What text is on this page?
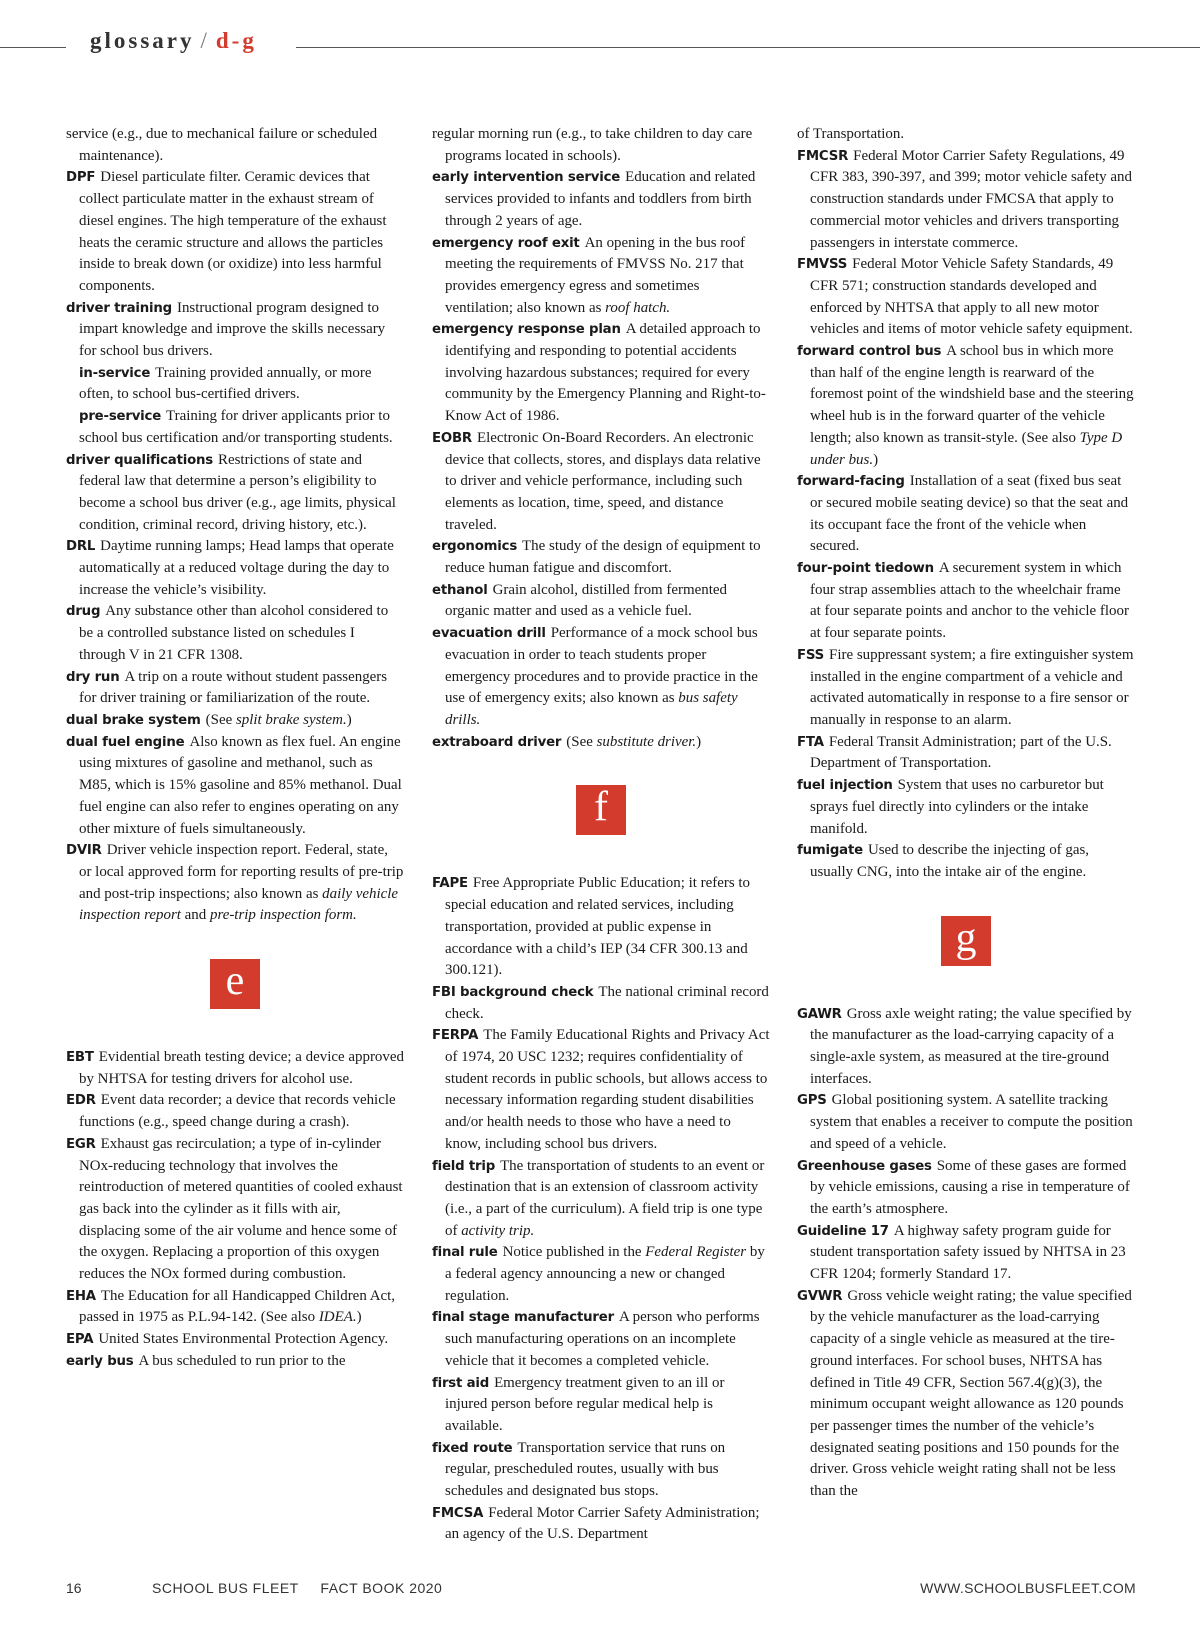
glossary / d-g

service (e.g., due to mechanical failure or scheduled maintenance).

DPF Diesel particulate filter. Ceramic devices that collect particulate matter in the exhaust stream of diesel engines. The high temperature of the exhaust heats the ceramic structure and allows the particles inside to break down (or oxidize) into less harmful components.

driver training Instructional program designed to impart knowledge and improve the skills necessary for school bus drivers.

in-service Training provided annually, or more often, to school bus-certified drivers.

pre-service Training for driver applicants prior to school bus certification and/or transporting students.

driver qualifications Restrictions of state and federal law that determine a person’s eligibility to become a school bus driver (e.g., age limits, physical condition, criminal record, driving history, etc.).

DRL Daytime running lamps; Head lamps that operate automatically at a reduced voltage during the day to increase the vehicle’s visibility.

drug Any substance other than alcohol considered to be a controlled substance listed on schedules I through V in 21 CFR 1308.

dry run A trip on a route without student passengers for driver training or familiarization of the route.

dual brake system (See split brake system.)

dual fuel engine Also known as flex fuel. An engine using mixtures of gasoline and methanol, such as M85, which is 15% gasoline and 85% methanol. Dual fuel engine can also refer to engines operating on any other mixture of fuels simultaneously.

DVIR Driver vehicle inspection report. Federal, state, or local approved form for reporting results of pre-trip and post-trip inspections; also known as daily vehicle inspection report and pre-trip inspection form.

e

EBT Evidential breath testing device; a device approved by NHTSA for testing drivers for alcohol use.

EDR Event data recorder; a device that records vehicle functions (e.g., speed change during a crash).

EGR Exhaust gas recirculation; a type of in-cylinder NOx-reducing technology that involves the reintroduction of metered quantities of cooled exhaust gas back into the cylinder as it fills with air, displacing some of the air volume and hence some of the oxygen. Replacing a proportion of this oxygen reduces the NOx formed during combustion.

EHA The Education for all Handicapped Children Act, passed in 1975 as P.L.94-142. (See also IDEA.)

EPA United States Environmental Protection Agency.

early bus A bus scheduled to run prior to the

regular morning run (e.g., to take children to day care programs located in schools).

early intervention service Education and related services provided to infants and toddlers from birth through 2 years of age.

emergency roof exit An opening in the bus roof meeting the requirements of FMVSS No. 217 that provides emergency egress and sometimes ventilation; also known as roof hatch.

emergency response plan A detailed approach to identifying and responding to potential accidents involving hazardous substances; required for every community by the Emergency Planning and Right-to-Know Act of 1986.

EOBR Electronic On-Board Recorders. An electronic device that collects, stores, and displays data relative to driver and vehicle performance, including such elements as location, time, speed, and distance traveled.

ergonomics The study of the design of equipment to reduce human fatigue and discomfort.

ethanol Grain alcohol, distilled from fermented organic matter and used as a vehicle fuel.

evacuation drill Performance of a mock school bus evacuation in order to teach students proper emergency procedures and to provide practice in the use of emergency exits; also known as bus safety drills.

extraboard driver (See substitute driver.)

f

FAPE Free Appropriate Public Education; it refers to special education and related services, including transportation, provided at public expense in accordance with a child’s IEP (34 CFR 300.13 and 300.121).

FBI background check The national criminal record check.

FERPA The Family Educational Rights and Privacy Act of 1974, 20 USC 1232; requires confidentiality of student records in public schools, but allows access to necessary information regarding student disabilities and/or health needs to those who have a need to know, including school bus drivers.

field trip The transportation of students to an event or destination that is an extension of classroom activity (i.e., a part of the curriculum). A field trip is one type of activity trip.

final rule Notice published in the Federal Register by a federal agency announcing a new or changed regulation.

final stage manufacturer A person who performs such manufacturing operations on an incomplete vehicle that it becomes a completed vehicle.

first aid Emergency treatment given to an ill or injured person before regular medical help is available.

fixed route Transportation service that runs on regular, prescheduled routes, usually with bus schedules and designated bus stops.

FMCSA Federal Motor Carrier Safety Administration; an agency of the U.S. Department

of Transportation.

FMCSR Federal Motor Carrier Safety Regulations, 49 CFR 383, 390-397, and 399; motor vehicle safety and construction standards under FMCSA that apply to commercial motor vehicles and drivers transporting passengers in interstate commerce.

FMVSS Federal Motor Vehicle Safety Standards, 49 CFR 571; construction standards developed and enforced by NHTSA that apply to all new motor vehicles and items of motor vehicle safety equipment.

forward control bus A school bus in which more than half of the engine length is rearward of the foremost point of the windshield base and the steering wheel hub is in the forward quarter of the vehicle length; also known as transit-style. (See also Type D under bus.)

forward-facing Installation of a seat (fixed bus seat or secured mobile seating device) so that the seat and its occupant face the front of the vehicle when secured.

four-point tiedown A securement system in which four strap assemblies attach to the wheelchair frame at four separate points and anchor to the vehicle floor at four separate points.

FSS Fire suppressant system; a fire extinguisher system installed in the engine compartment of a vehicle and activated automatically in response to a fire sensor or manually in response to an alarm.

FTA Federal Transit Administration; part of the U.S. Department of Transportation.

fuel injection System that uses no carburetor but sprays fuel directly into cylinders or the intake manifold.

fumigate Used to describe the injecting of gas, usually CNG, into the intake air of the engine.

g

GAWR Gross axle weight rating; the value specified by the manufacturer as the load-carrying capacity of a single-axle system, as measured at the tire-ground interfaces.

GPS Global positioning system. A satellite tracking system that enables a receiver to compute the position and speed of a vehicle.

Greenhouse gases Some of these gases are formed by vehicle emissions, causing a rise in temperature of the earth’s atmosphere.

Guideline 17 A highway safety program guide for student transportation safety issued by NHTSA in 23 CFR 1204; formerly Standard 17.

GVWR Gross vehicle weight rating; the value specified by the vehicle manufacturer as the load-carrying capacity of a single vehicle as measured at the tire-ground interfaces. For school buses, NHTSA has defined in Title 49 CFR, Section 567.4(g)(3), the minimum occupant weight allowance as 120 pounds per passenger times the number of the vehicle’s designated seating positions and 150 pounds for the driver. Gross vehicle weight rating shall not be less than the

16	SCHOOL BUS FLEET     FACT BOOK 2020	WWW.SCHOOLBUSFLEET.COM
